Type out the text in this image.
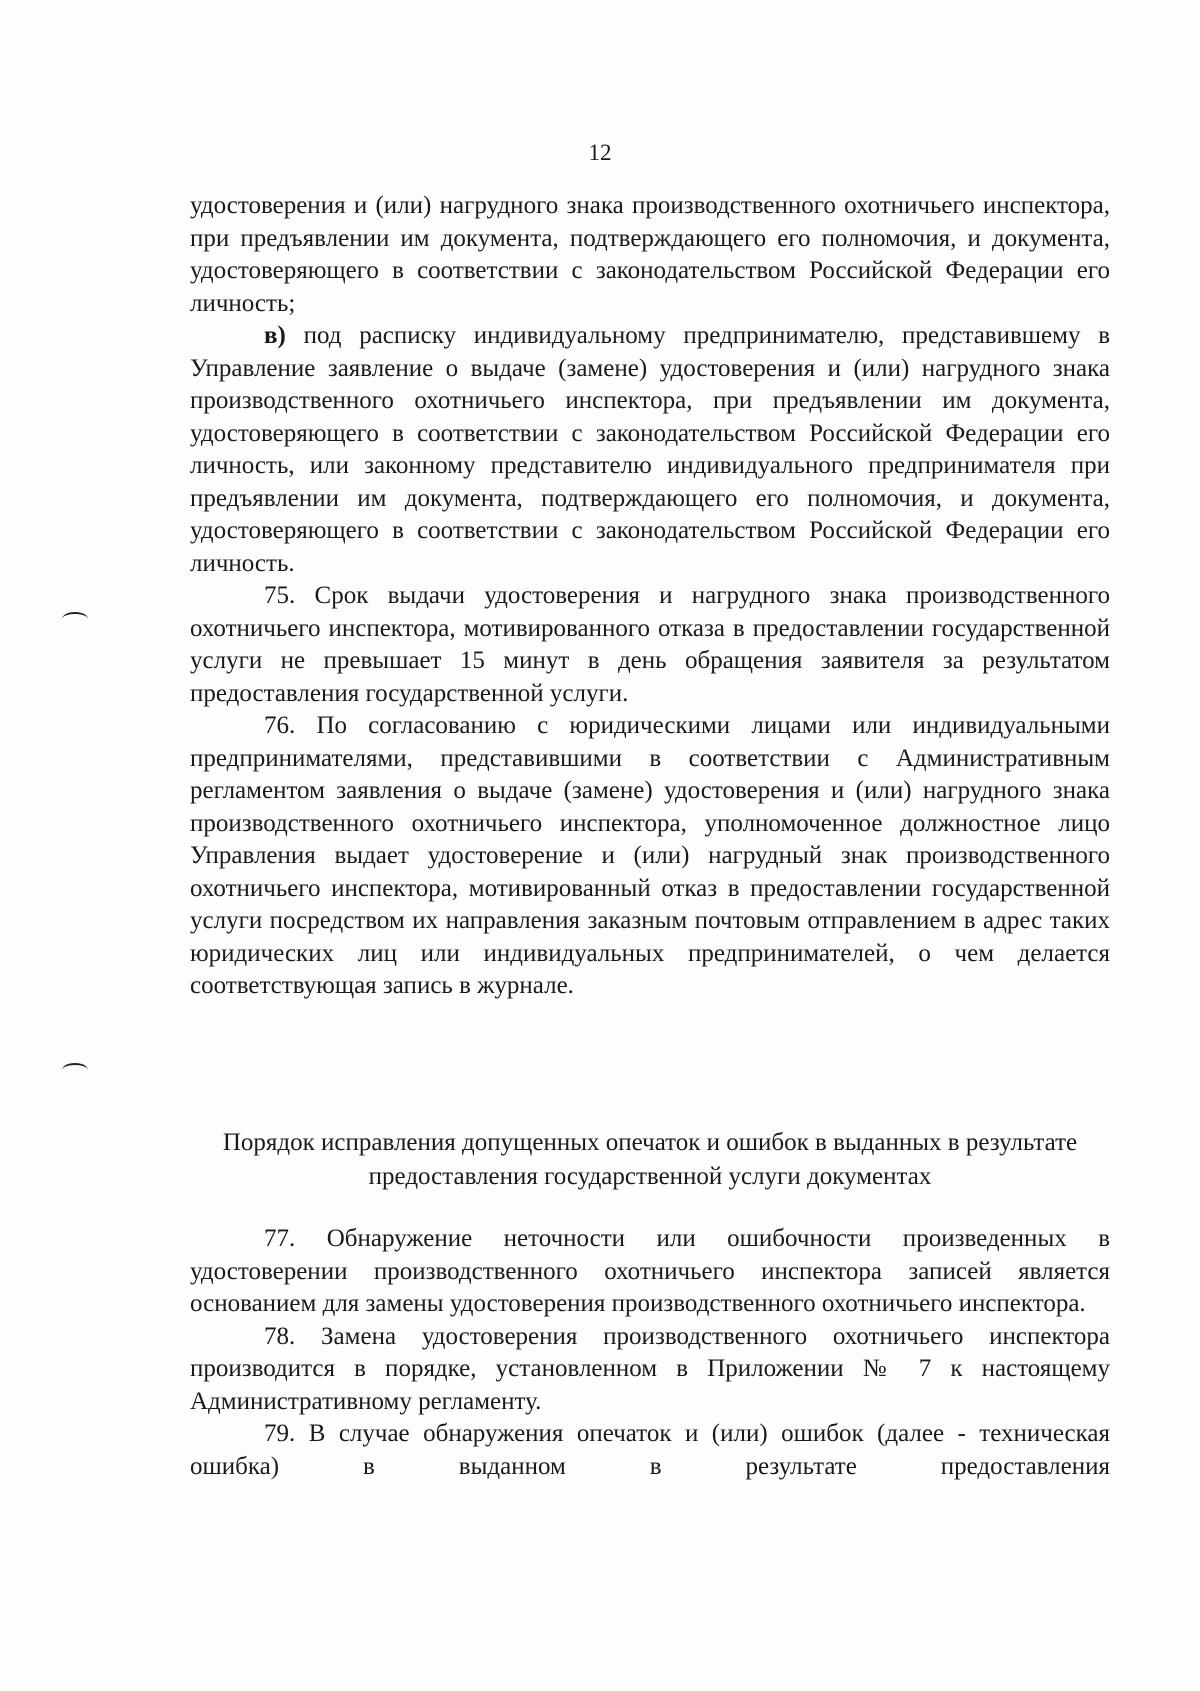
12

удостоверения и (или) нагрудного знака производственного охотничьего инспектора, при предъявлении им документа, подтверждающего его полномочия, и документа, удостоверяющего в соответствии с законодательством Российской Федерации его личность;

в) под расписку индивидуальному предпринимателю, представившему в Управление заявление о выдаче (замене) удостоверения и (или) нагрудного знака производственного охотничьего инспектора, при предъявлении им документа, удостоверяющего в соответствии с законодательством Российской Федерации его личность, или законному представителю индивидуального предпринимателя при предъявлении им документа, подтверждающего его полномочия, и документа, удостоверяющего в соответствии с законодательством Российской Федерации его личность.

75. Срок выдачи удостоверения и нагрудного знака производственного охотничьего инспектора, мотивированного отказа в предоставлении государственной услуги не превышает 15 минут в день обращения заявителя за результатом предоставления государственной услуги.

76. По согласованию с юридическими лицами или индивидуальными предпринимателями, представившими в соответствии с Административным регламентом заявления о выдаче (замене) удостоверения и (или) нагрудного знака производственного охотничьего инспектора, уполномоченное должностное лицо Управления выдает удостоверение и (или) нагрудный знак производственного охотничьего инспектора, мотивированный отказ в предоставлении государственной услуги посредством их направления заказным почтовым отправлением в адрес таких юридических лиц или индивидуальных предпринимателей, о чем делается соответствующая запись в журнале.

Порядок исправления допущенных опечаток и ошибок в выданных в результате предоставления государственной услуги документах

77. Обнаружение неточности или ошибочности произведенных в удостоверении производственного охотничьего инспектора записей является основанием для замены удостоверения производственного охотничьего инспектора.

78. Замена удостоверения производственного охотничьего инспектора производится в порядке, установленном в Приложении № 7 к настоящему Административному регламенту.

79. В случае обнаружения опечаток и (или) ошибок (далее - техническая ошибка) в выданном в результате предоставления
